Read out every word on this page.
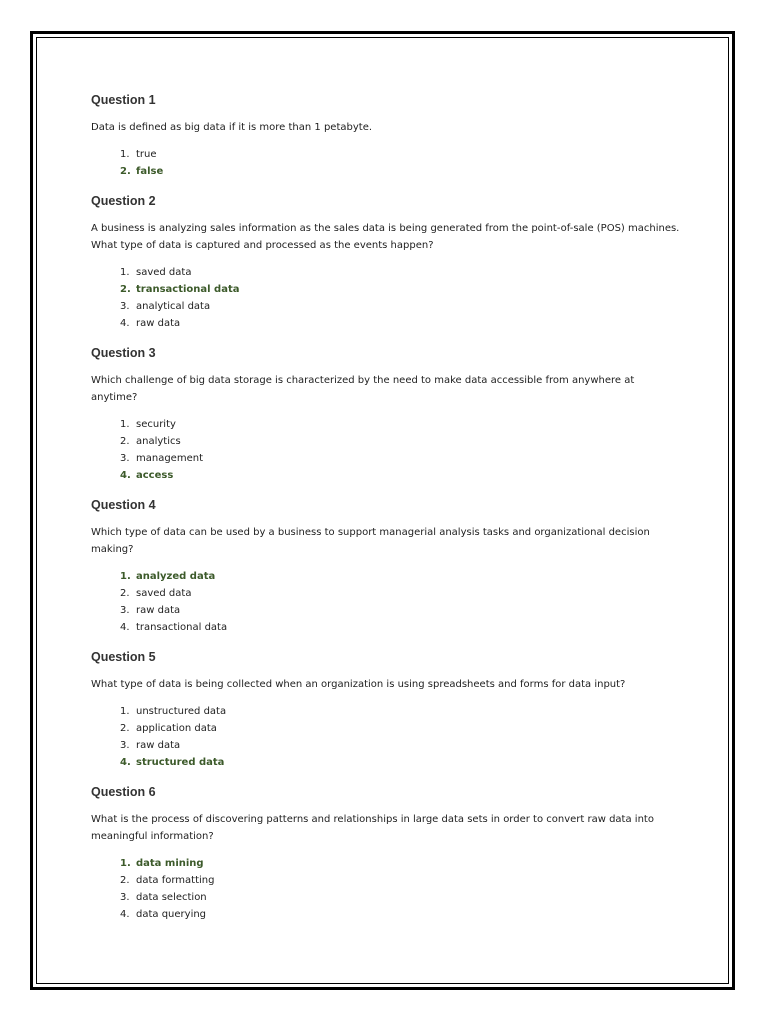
Question 1

Data is defined as big data if it is more than 1 petabyte.

1. true
2. false
Question 2

A business is analyzing sales information as the sales data is being generated from the point-of-sale (POS) machines. What type of data is captured and processed as the events happen?

1. saved data
2. transactional data
3. analytical data
4. raw data
Question 3

Which challenge of big data storage is characterized by the need to make data accessible from anywhere at anytime?

1. security
2. analytics
3. management
4. access
Question 4

Which type of data can be used by a business to support managerial analysis tasks and organizational decision making?

1. analyzed data
2. saved data
3. raw data
4. transactional data
Question 5

What type of data is being collected when an organization is using spreadsheets and forms for data input?

1. unstructured data
2. application data
3. raw data
4. structured data
Question 6

What is the process of discovering patterns and relationships in large data sets in order to convert raw data into meaningful information?

1. data mining
2. data formatting
3. data selection
4. data querying
